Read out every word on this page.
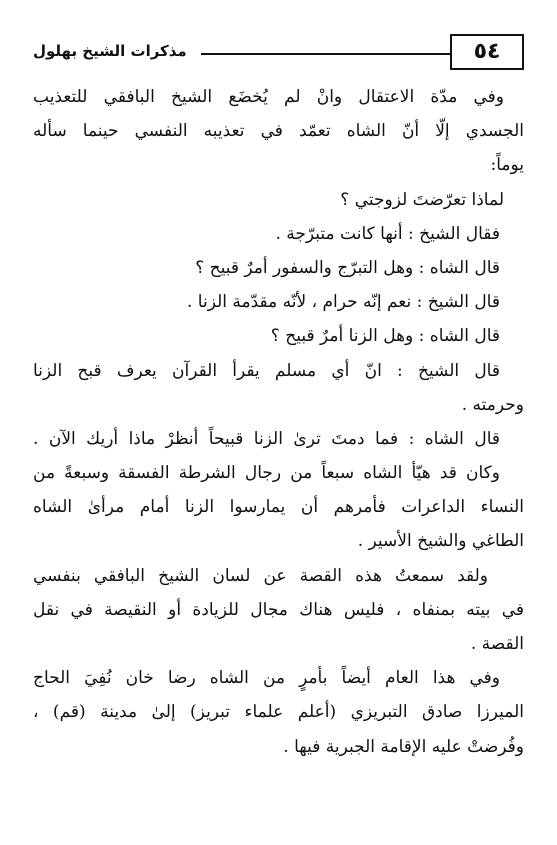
٥٤
مذكرات الشيخ بهلول
وفي مدّة الاعتقال وانْ لم يُخضَع الشيخ البافقي للتعذيب
الجسدي إلّا أنّ الشاه تعمّد في تعذيبه النفسي حينما سأله
يوماً:
لماذا تعرّضتَ لزوجتي ؟
فقال الشيخ : أنها كانت متبرّجة .
قال الشاه : وهل التبرّج والسفور أمرٌ قبيح ؟
قال الشيخ : نعم إنّه حرام ، لأنّه مقدّمة الزنا .
قال الشاه : وهل الزنا أمرٌ قبيح ؟
قال الشيخ : انّ أي مسلم يقرأ القرآن يعرف قبح الزنا
وحرمته .
قال الشاه : فما دمتَ ترىٰ الزنا قبيحاً أنظرْ ماذا أريك الآن .
وكان قد هيّأ الشاه سبعاً من رجال الشرطة الفسقة وسبعةً من
النساء الداعرات فأمرهم أن يمارسوا الزنا أمام مرأىٰ الشاه
الطاغي والشيخ الأسير .
ولقد سمعتُ هذه القصة عن لسان الشيخ البافقي بنفسي
في بيته بمنفاه ، فليس هناك مجال للزيادة أو النقيصة في نقل
القصة .
وفي هذا العام أيضاً بأمرٍ من الشاه رضا خان نُفِيَ الحاج
الميرزا صادق التبريزي (أعلم علماء تبريز) إلىٰ مدينة (قم) ،
وفُرضتْ عليه الإقامة الجبرية فيها .
